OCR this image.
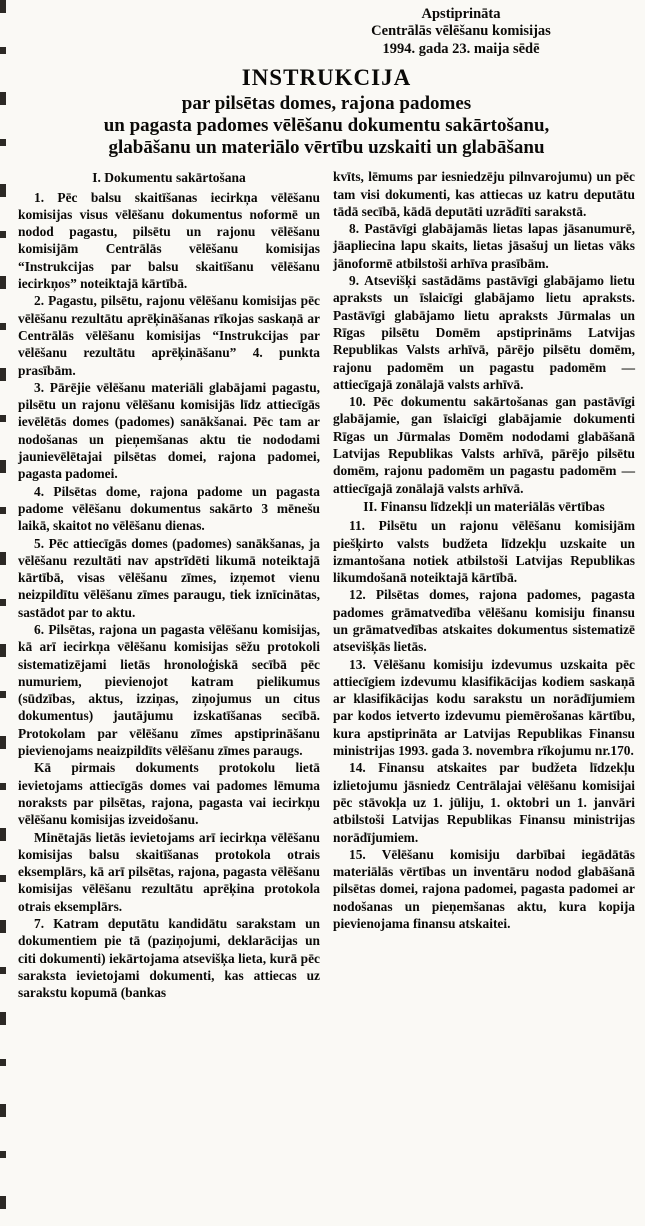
Apstiprināta
Centrālās vēlēšanu komisijas
1994. gada 23. maija sēdē
INSTRUKCIJA
par pilsētas domes, rajona padomes
un pagasta padomes vēlēšanu dokumentu sakārtošanu,
glabāšanu un materiālo vērtību uzskaiti un glabāšanu
I. Dokumentu sakārtošana

1. Pēc balsu skaitīšanas iecirkņa vēlēšanu komisijas visus vēlēšanu dokumentus noformē un nodod pagastu, pilsētu un rajonu vēlēšanu komisijām Centrālās vēlēšanu komisijas “Instrukcijas par balsu skaitīšanu vēlēšanu iecirkņos” noteiktajā kārtībā.

2. Pagastu, pilsētu, rajonu vēlēšanu komisijas pēc vēlēšanu rezultātu aprēķināšanas rīkojas saskaņā ar Centrālās vēlēšanu komisijas “Instrukcijas par vēlēšanu rezultātu aprēķināšanu” 4. punkta prasībām.

3. Pārējie vēlēšanu materiāli glabājami pagastu, pilsētu un rajonu vēlēšanu komisijās līdz attiecīgās ievēlētās domes (padomes) sanākšanai. Pēc tam ar nodošanas un pieņemšanas aktu tie nododami jaunievēlētajai pilsētas domei, rajona padomei, pagasta padomei.

4. Pilsētas dome, rajona padome un pagasta padome vēlēšanu dokumentus sakārto 3 mēnešu laikā, skaitot no vēlēšanu dienas.

5. Pēc attiecīgās domes (padomes) sanākšanas, ja vēlēšanu rezultāti nav apstrīdēti likumā noteiktajā kārtībā, visas vēlēšanu zīmes, izņemot vienu neizpildītu vēlēšanu zīmes paraugu, tiek iznīcinātas, sastādot par to aktu.

6. Pilsētas, rajona un pagasta vēlēšanu komisijas, kā arī iecirkņa vēlēšanu komisijas sēžu protokoli sistematizējami lietās hronoloģiskā secībā pēc numuriem, pievienojot katram pielikumus (sūdzības, aktus, izziņas, ziņojumus un citus dokumentus) jautājumu izskatīšanas secībā. Protokolam par vēlēšanu zīmes apstiprināšanu pievienojams neaizpildīts vēlēšanu zīmes paraugs.

Kā pirmais dokuments protokolu lietā ievietojams attiecīgās domes vai padomes lēmuma noraksts par pilsētas, rajona, pagasta vai iecirkņu vēlēšanu komisijas izveidošanu.

Minētajās lietās ievietojams arī iecirkņa vēlēšanu komisijas balsu skaitīšanas protokola otrais eksemplārs, kā arī pilsētas, rajona, pagasta vēlēšanu komisijas vēlēšanu rezultātu aprēķina protokola otrais eksemplārs.

7. Katram deputātu kandidātu sarakstam un dokumentiem pie tā (paziņojumi, deklarācijas un citi dokumenti) iekārtojama atsevišķa lieta, kurā pēc saraksta ievietojami dokumenti, kas attiecas uz sarakstu kopumā (bankas

kvīts, lēmums par iesniedzēju pilnvarojumu) un pēc tam visi dokumenti, kas attiecas uz katru deputātu tādā secībā, kādā deputāti uzrādīti sarakstā.

8. Pastāvīgi glabājamās lietas lapas jāsanumurē, jāapliecina lapu skaits, lietas jāsašuj un lietas vāks jānoformē atbilstoši arhīva prasībām.

9. Atsevišķi sastādāms pastāvīgi glabājamo lietu apraksts un īslaicīgi glabājamo lietu apraksts. Pastāvīgi glabājamo lietu apraksts Jūrmalas un Rīgas pilsētu Domēm apstiprināms Latvijas Republikas Valsts arhīvā, pārējo pilsētu domēm, rajonu padomēm un pagastu padomēm — attiecīgajā zonālajā valsts arhīvā.

10. Pēc dokumentu sakārtošanas gan pastāvīgi glabājamie, gan īslaicīgi glabājamie dokumenti Rīgas un Jūrmalas Domēm nododami glabāšanā Latvijas Republikas Valsts arhīvā, pārējo pilsētu domēm, rajonu padomēm un pagastu padomēm — attiecīgajā zonālajā valsts arhīvā.

II. Finansu līdzekļi un materiālās vērtības

11. Pilsētu un rajonu vēlēšanu komisijām piešķirto valsts budžeta līdzekļu uzskaite un izmantošana notiek atbilstoši Latvijas Republikas likumdošanā noteiktajā kārtībā.

12. Pilsētas domes, rajona padomes, pagasta padomes grāmatvedība vēlēšanu komisiju finansu un grāmatvedības atskaites dokumentus sistematizē atsevišķās lietās.

13. Vēlēšanu komisiju izdevumus uzskaita pēc attiecīgiem izdevumu klasifikācijas kodiem saskaņā ar klasifikācijas kodu sarakstu un norādījumiem par kodos ietverto izdevumu piemērošanas kārtību, kura apstiprināta ar Latvijas Republikas Finansu ministrijas 1993. gada 3. novembra rīkojumu nr.170.

14. Finansu atskaites par budžeta līdzekļu izlietojumu jāsniedz Centrālajai vēlēšanu komisijai pēc stāvokļa uz 1. jūliju, 1. oktobri un 1. janvāri atbilstoši Latvijas Republikas Finansu ministrijas norādījumiem.

15. Vēlēšanu komisiju darbībai iegādātās materiālās vērtības un inventāru nodod glabāšanā pilsētas domei, rajona padomei, pagasta padomei ar nodošanas un pieņemšanas aktu, kura kopija pievienojama finansu atskaitei.
